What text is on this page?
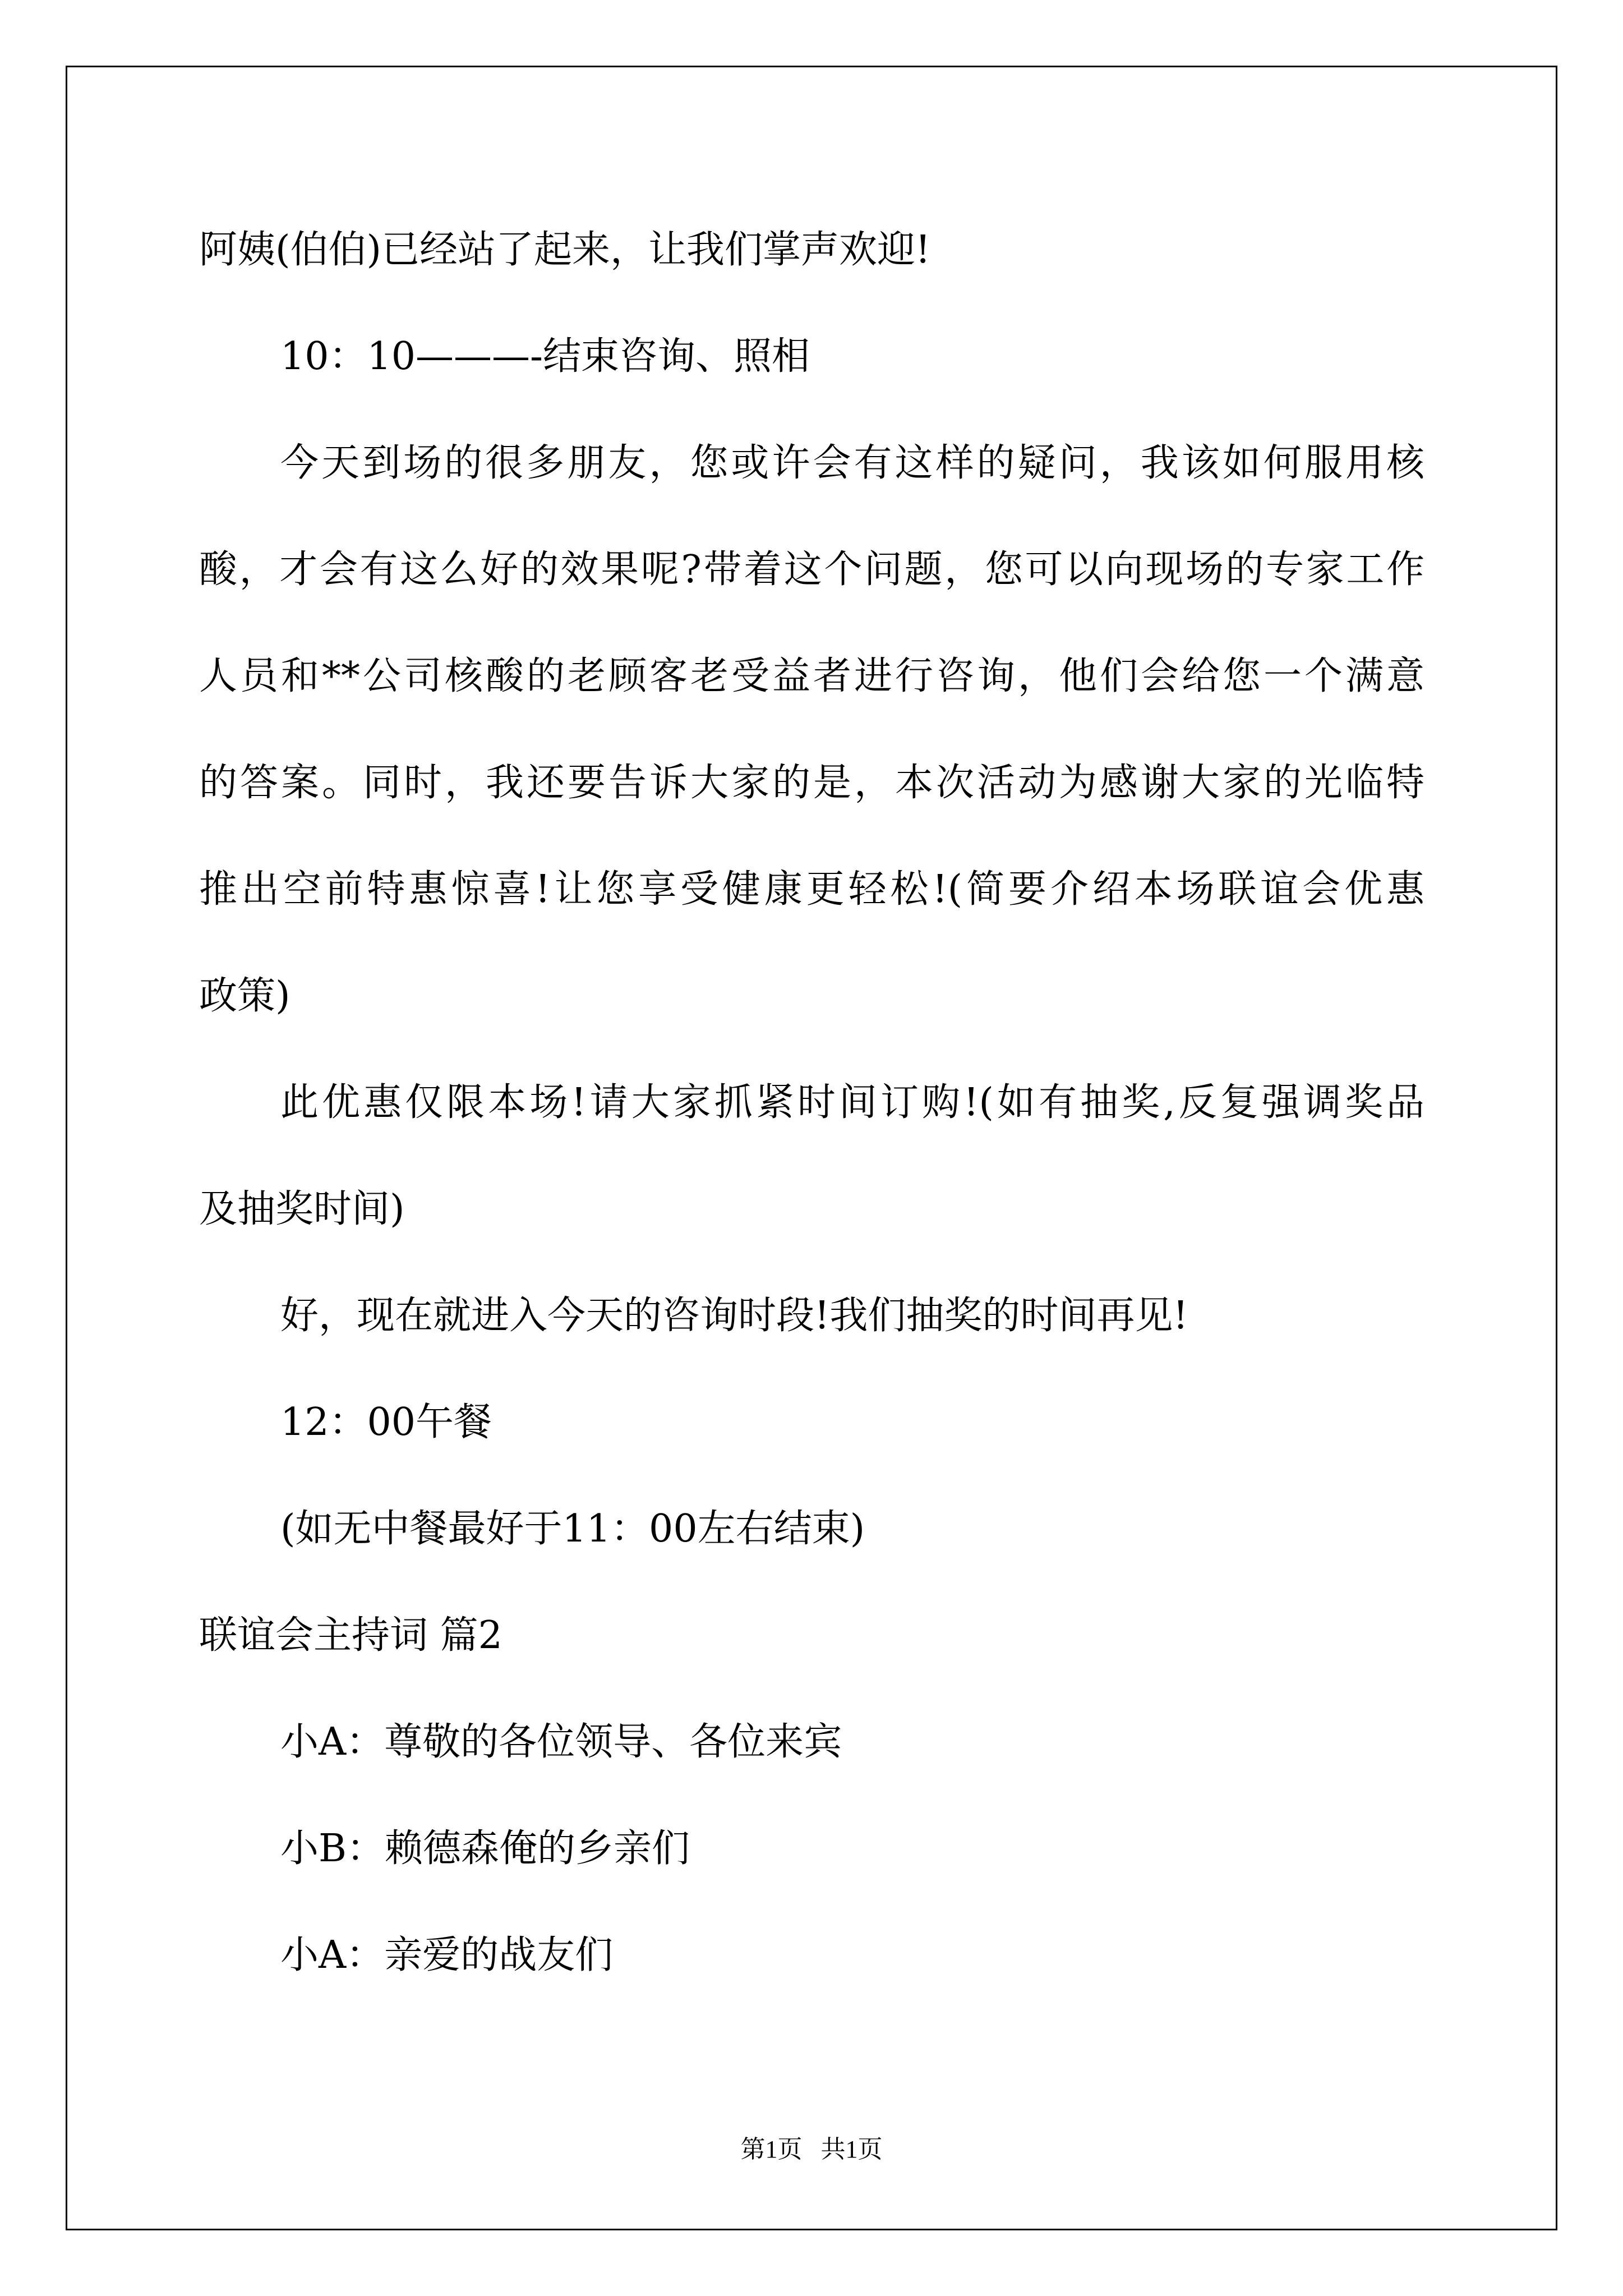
阿姨(伯伯)已经站了起来，让我们掌声欢迎!
10：10———-结束咨询、照相
今天到场的很多朋友，您或许会有这样的疑问，我该如何服用核
酸，才会有这么好的效果呢?带着这个问题，您可以向现场的专家工作
人员和**公司核酸的老顾客老受益者进行咨询，他们会给您一个满意
的答案。同时，我还要告诉大家的是，本次活动为感谢大家的光临特
推出空前特惠惊喜!让您享受健康更轻松!(简要介绍本场联谊会优惠
政策)
此优惠仅限本场!请大家抓紧时间订购!(如有抽奖,反复强调奖品
及抽奖时间)
好，现在就进入今天的咨询时段!我们抽奖的时间再见!
12：00午餐
(如无中餐最好于11：00左右结束)
联谊会主持词 篇2
小A：尊敬的各位领导、各位来宾
小B：赖德森俺的乡亲们
小A：亲爱的战友们
第1页   共1页
